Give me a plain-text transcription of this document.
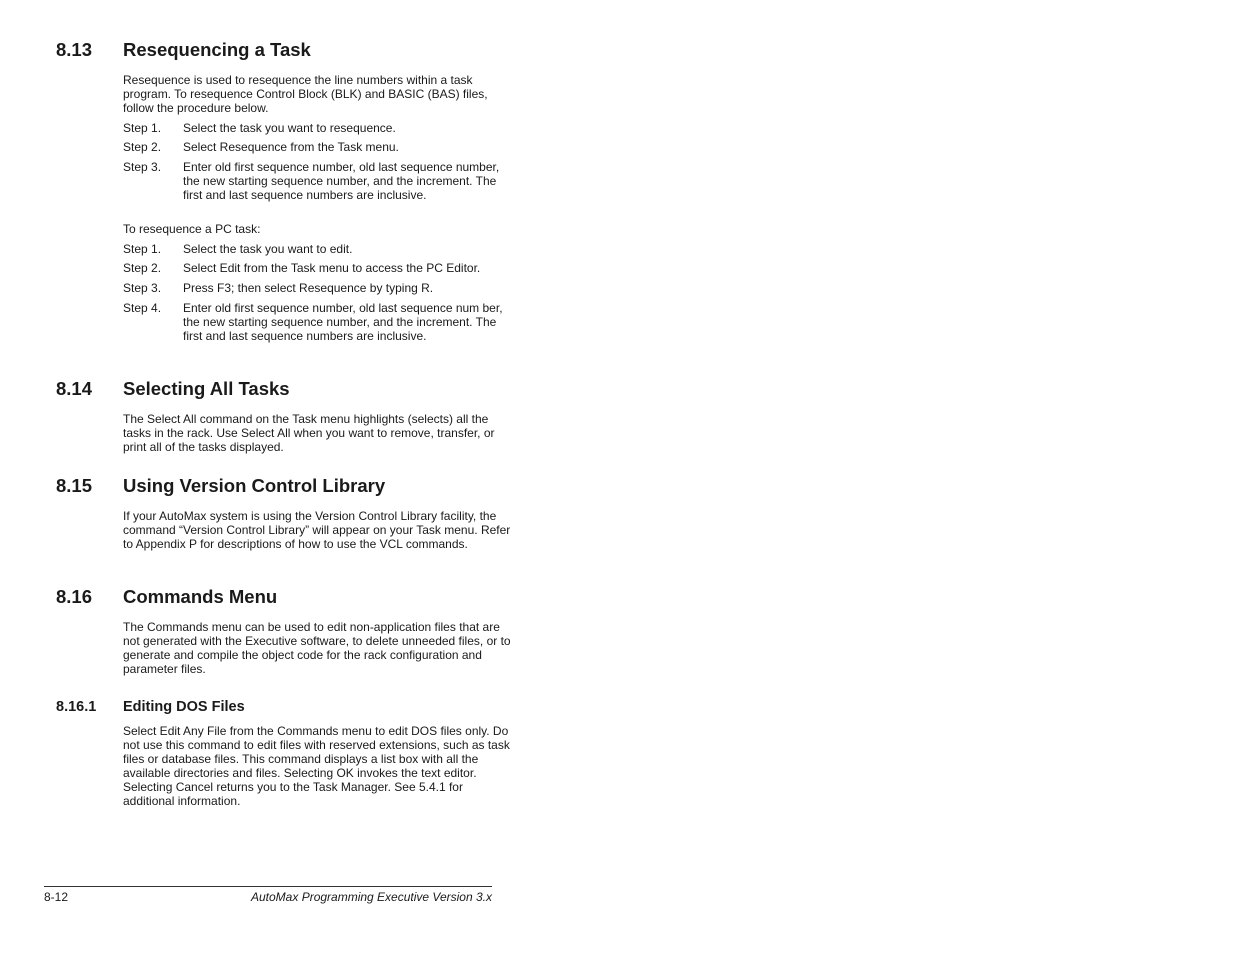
8.13 Resequencing a Task

Resequence is used to resequence the line numbers within a task program. To resequence Control Block (BLK) and BASIC (BAS) files, follow the procedure below.

Step 1.	Select the task you want to resequence.
Step 2.	Select Resequence from the Task menu.
Step 3.	Enter old first sequence number, old last sequence number, the new starting sequence number, and the increment. The first and last sequence numbers are inclusive.

To resequence a PC task:

Step 1.	Select the task you want to edit.
Step 2.	Select Edit from the Task menu to access the PC Editor.
Step 3.	Press F3; then select Resequence by typing R.
Step 4.	Enter old first sequence number, old last sequence num ber, the new starting sequence number, and the increment. The first and last sequence numbers are inclusive.
8.14 Selecting All Tasks

The Select All command on the Task menu highlights (selects) all the tasks in the rack. Use Select All when you want to remove, transfer, or print all of the tasks displayed.

8.15 Using Version Control Library

If your AutoMax system is using the Version Control Library facility, the command “Version Control Library” will appear on your Task menu. Refer to Appendix P for descriptions of how to use the VCL commands.

8.16 Commands Menu

The Commands menu can be used to edit non-application files that are not generated with the Executive software, to delete unneeded files, or to generate and compile the object code for the rack configuration and parameter files.

8.16.1 Editing DOS Files

Select Edit Any File from the Commands menu to edit DOS files only. Do not use this command to edit files with reserved extensions, such as task files or database files. This command displays a list box with all the available directories and files. Selecting OK invokes the text editor. Selecting Cancel returns you to the Task Manager. See 5.4.1 for additional information.

8-12	AutoMax Programming Executive Version 3.x
